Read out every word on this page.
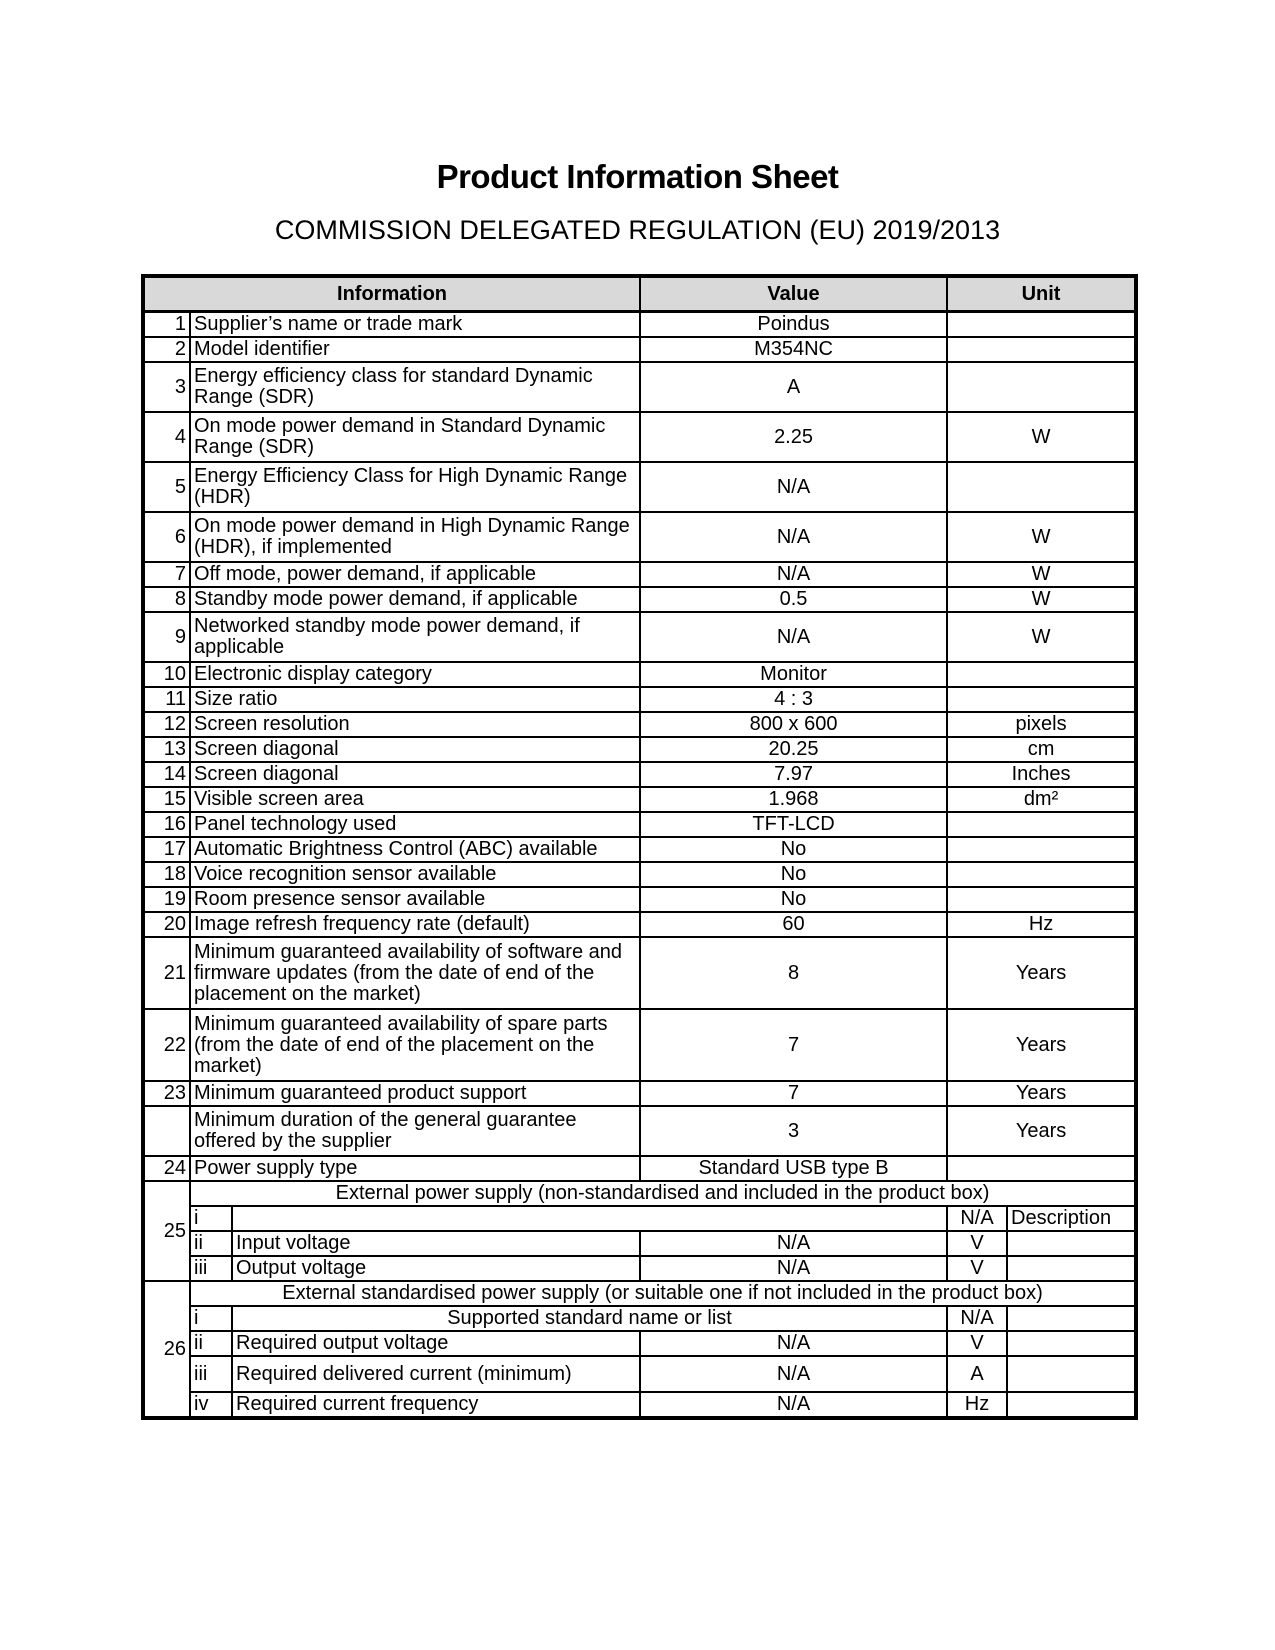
Product Information Sheet
COMMISSION DELEGATED REGULATION (EU) 2019/2013
Information			Value	Unit	
1	Supplier’s name or trade mark		Poindus		
2	Model identifier		M354NC		
3	Energy efficiency class for standard Dynamic Range (SDR)		A		
4	On mode power demand in Standard Dynamic Range (SDR)		2.25	W	
5	Energy Efficiency Class for High Dynamic Range (HDR)		N/A		
6	On mode power demand in High Dynamic Range (HDR), if implemented		N/A	W	
7	Off mode, power demand, if applicable		N/A	W	
8	Standby mode power demand, if applicable		0.5	W	
9	Networked standby mode power demand, if applicable		N/A	W	
10	Electronic display category		Monitor		
11	Size ratio		4 : 3		
12	Screen resolution		800 x 600	pixels	
13	Screen diagonal		20.25	cm	
14	Screen diagonal		7.97	Inches	
15	Visible screen area		1.968	dm²	
16	Panel technology used		TFT-LCD		
17	Automatic Brightness Control (ABC) available		No		
18	Voice recognition sensor available		No		
19	Room presence sensor available		No		
20	Image refresh frequency rate (default)		60	Hz	
21	Minimum guaranteed availability of software and firmware updates (from the date of end of the placement on the market)		8	Years	
22	Minimum guaranteed availability of spare parts (from the date of end of the placement on the market)		7	Years	
23	Minimum guaranteed product support		7	Years	
	Minimum duration of the general guarantee offered by the supplier		3	Years	
24	Power supply type		Standard USB type B		
25	External power supply (non-standardised and included in the product box)				
	i			N/A	Description
	ii	Input voltage	N/A	V	
	iii	Output voltage	N/A	V	
26	External standardised power supply (or suitable one if not included in the product box)				
	i	Supported standard name or list		N/A	
	ii	Required output voltage	N/A	V	
	iii	Required delivered current (minimum)	N/A	A	
	iv	Required current frequency	N/A	Hz	
